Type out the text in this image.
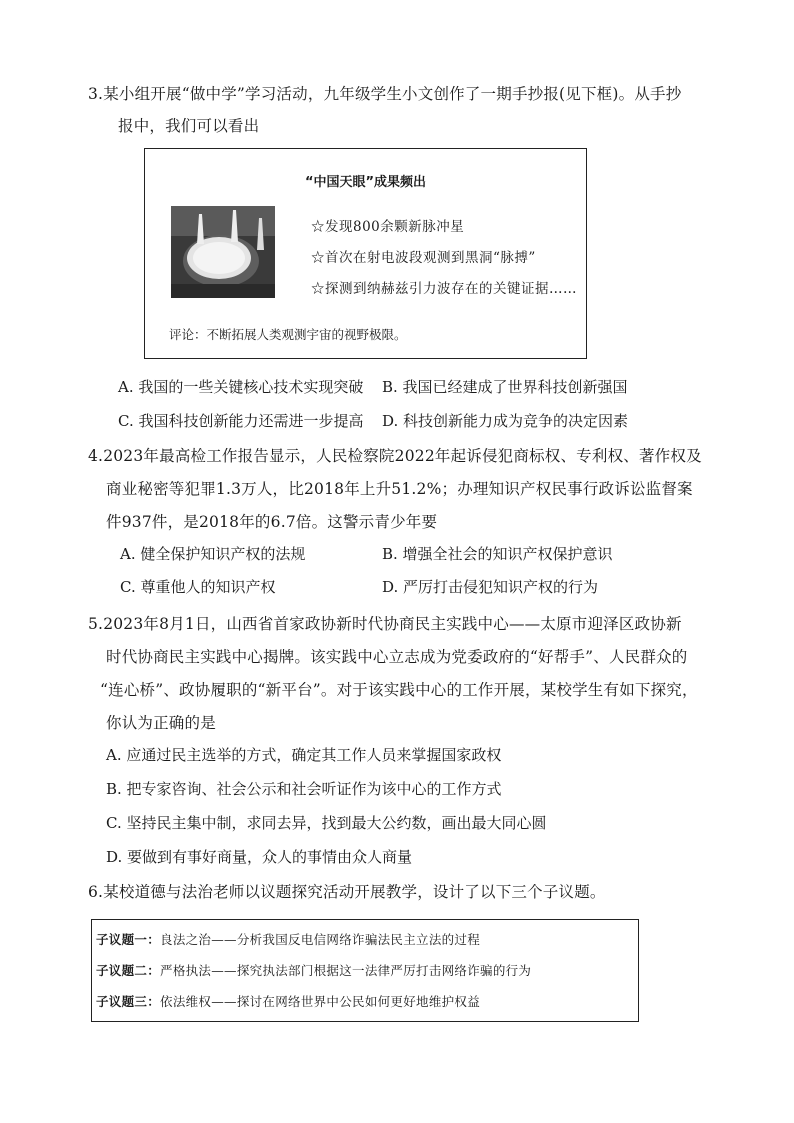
3.某小组开展“做中学”学习活动，九年级学生小文创作了一期手抄报(见下框)。从手抄
报中，我们可以看出
“中国天眼”成果频出
☆发现800余颗新脉冲星
☆首次在射电波段观测到黑洞“脉搏”
☆探测到纳赫兹引力波存在的关键证据……
评论：不断拓展人类观测宇宙的视野极限。
A. 我国的一些关键核心技术实现突破 B. 我国已经建成了世界科技创新强国
C. 我国科技创新能力还需进一步提高 D. 科技创新能力成为竞争的决定因素
4.2023年最高检工作报告显示，人民检察院2022年起诉侵犯商标权、专利权、著作权及
商业秘密等犯罪1.3万人，比2018年上升51.2%；办理知识产权民事行政诉讼监督案
件937件，是2018年的6.7倍。这警示青少年要
A. 健全保护知识产权的法规	B. 增强全社会的知识产权保护意识
C. 尊重他人的知识产权	D. 严厉打击侵犯知识产权的行为
5.2023年8月1日，山西省首家政协新时代协商民主实践中心——太原市迎泽区政协新
时代协商民主实践中心揭牌。该实践中心立志成为党委政府的“好帮手”、人民群众的
“连心桥”、政协履职的“新平台”。对于该实践中心的工作开展，某校学生有如下探究，
你认为正确的是
A. 应通过民主选举的方式，确定其工作人员来掌握国家政权
B. 把专家咨询、社会公示和社会听证作为该中心的工作方式
C. 坚持民主集中制，求同去异，找到最大公约数，画出最大同心圆
D. 要做到有事好商量，众人的事情由众人商量
6.某校道德与法治老师以议题探究活动开展教学，设计了以下三个子议题。
子议题一：良法之治——分析我国反电信网络诈骗法民主立法的过程
子议题二：严格执法——探究执法部门根据这一法律严厉打击网络诈骗的行为
子议题三：依法维权——探讨在网络世界中公民如何更好地维护权益
